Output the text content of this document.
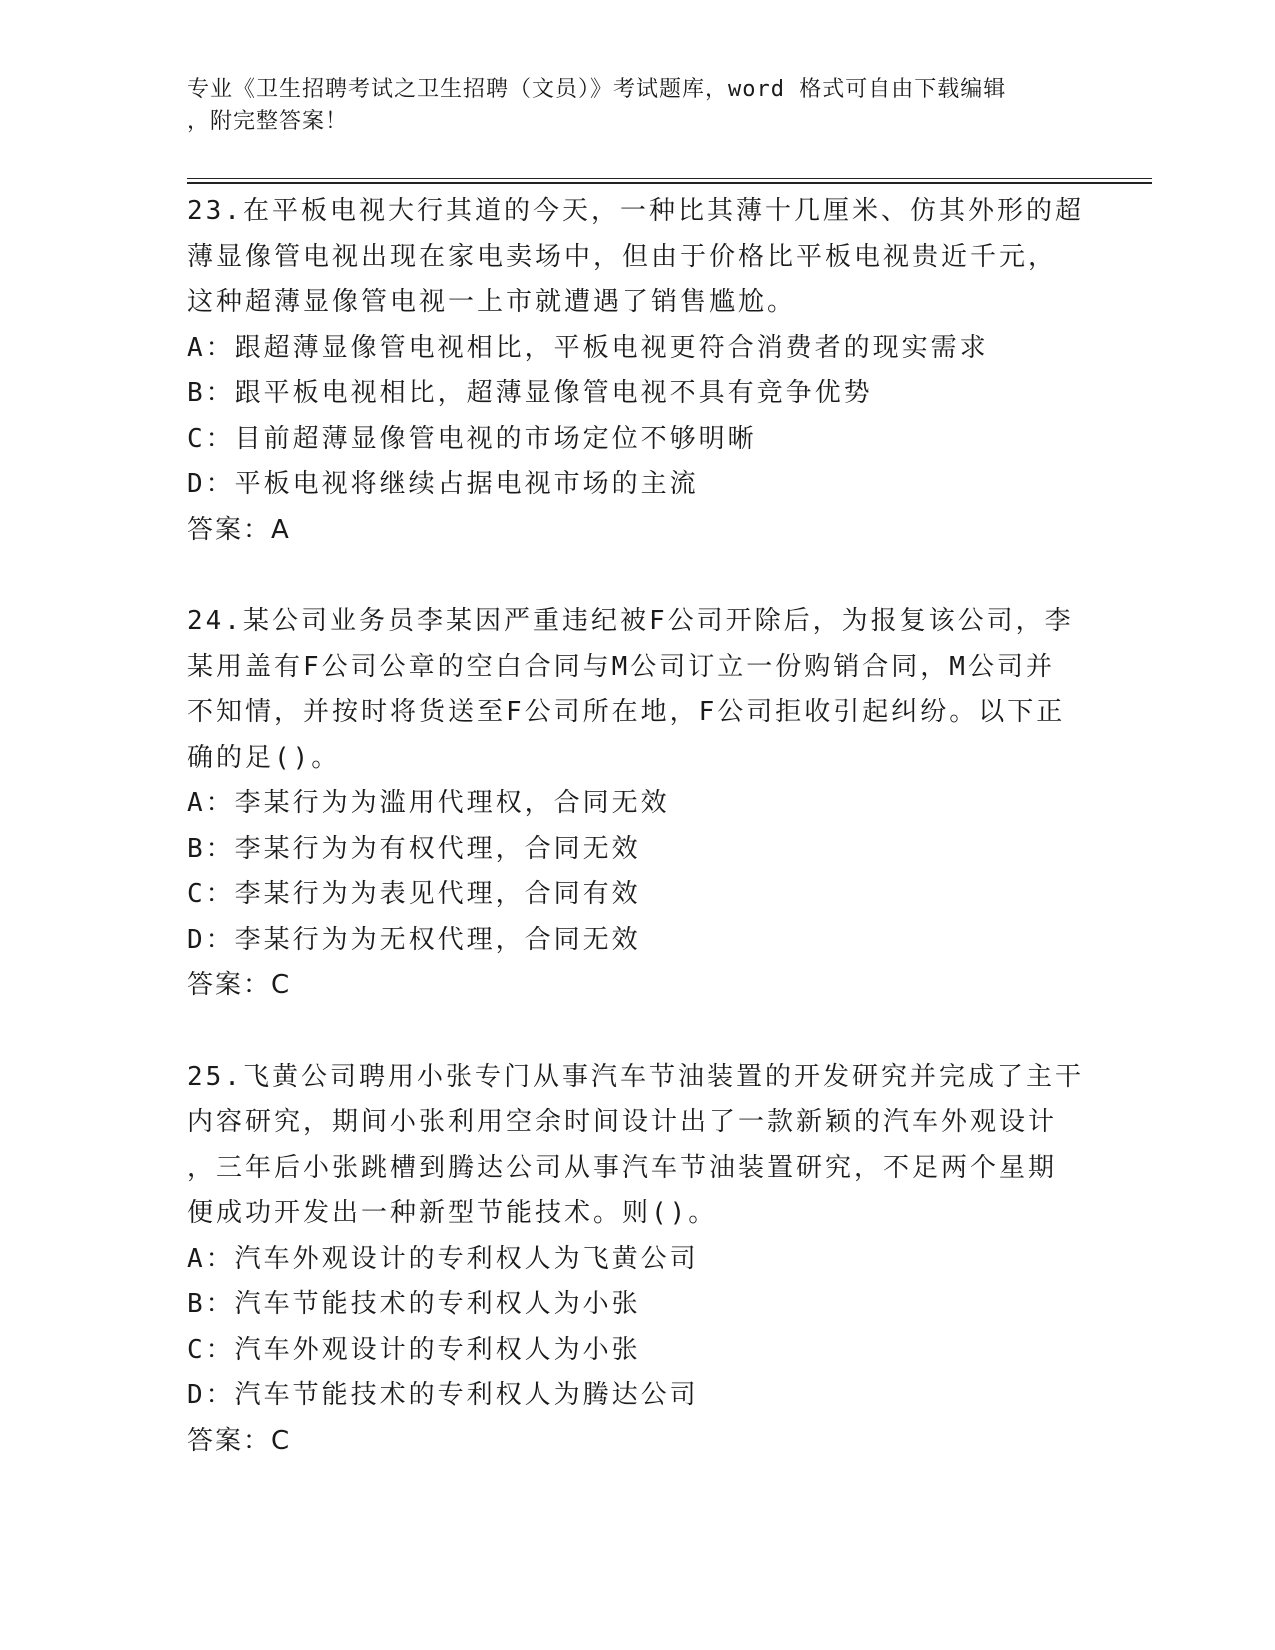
专业《卫生招聘考试之卫生招聘（文员）》考试题库，word 格式可自由下载编辑
，附完整答案！
23.在平板电视大行其道的今天，一种比其薄十几厘米、仿其外形的超
薄显像管电视出现在家电卖场中，但由于价格比平板电视贵近千元，
这种超薄显像管电视一上市就遭遇了销售尴尬。
A：跟超薄显像管电视相比，平板电视更符合消费者的现实需求
B：跟平板电视相比，超薄显像管电视不具有竞争优势
C：目前超薄显像管电视的市场定位不够明晰
D：平板电视将继续占据电视市场的主流
答案：A
24.某公司业务员李某因严重违纪被F公司开除后，为报复该公司，李
某用盖有F公司公章的空白合同与M公司订立一份购销合同，M公司并
不知情，并按时将货送至F公司所在地，F公司拒收引起纠纷。以下正
确的足()。
A：李某行为为滥用代理权，合同无效
B：李某行为为有权代理，合同无效
C：李某行为为表见代理，合同有效
D：李某行为为无权代理，合同无效
答案：C
25.飞黄公司聘用小张专门从事汽车节油装置的开发研究并完成了主干
内容研究，期间小张利用空余时间设计出了一款新颖的汽车外观设计
，三年后小张跳槽到腾达公司从事汽车节油装置研究，不足两个星期
便成功开发出一种新型节能技术。则()。
A：汽车外观设计的专利权人为飞黄公司
B：汽车节能技术的专利权人为小张
C：汽车外观设计的专利权人为小张
D：汽车节能技术的专利权人为腾达公司
答案：C
